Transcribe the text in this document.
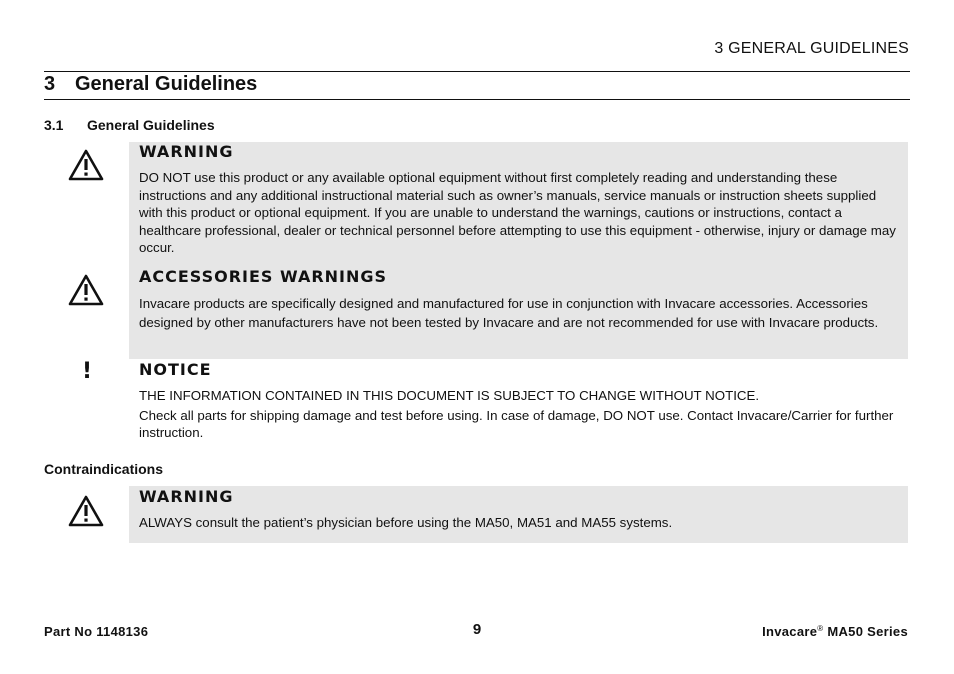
3 GENERAL GUIDELINES
3 General Guidelines
3.1 General Guidelines

WARNING

DO NOT use this product or any available optional equipment without first completely reading and understanding these instructions and any additional instructional material such as owner’s manuals, service manuals or instruction sheets supplied with this product or optional equipment. If you are unable to understand the warnings, cautions or instructions, contact a healthcare professional, dealer or technical personnel before attempting to use this equipment - otherwise, injury or damage may occur.

ACCESSORIES WARNINGS

Invacare products are specifically designed and manufactured for use in conjunction with Invacare accessories. Accessories designed by other manufacturers have not been tested by Invacare and are not recommended for use with Invacare products.

!	NOTICE

THE INFORMATION CONTAINED IN THIS DOCUMENT IS SUBJECT TO CHANGE WITHOUT NOTICE.

Check all parts for shipping damage and test before using. In case of damage, DO NOT use. Contact Invacare/Carrier for further instruction.

Contraindications

WARNING

ALWAYS consult the patient’s physician before using the MA50, MA51 and MA55 systems.

Part No 1148136	9	Invacare® MA50 Series
